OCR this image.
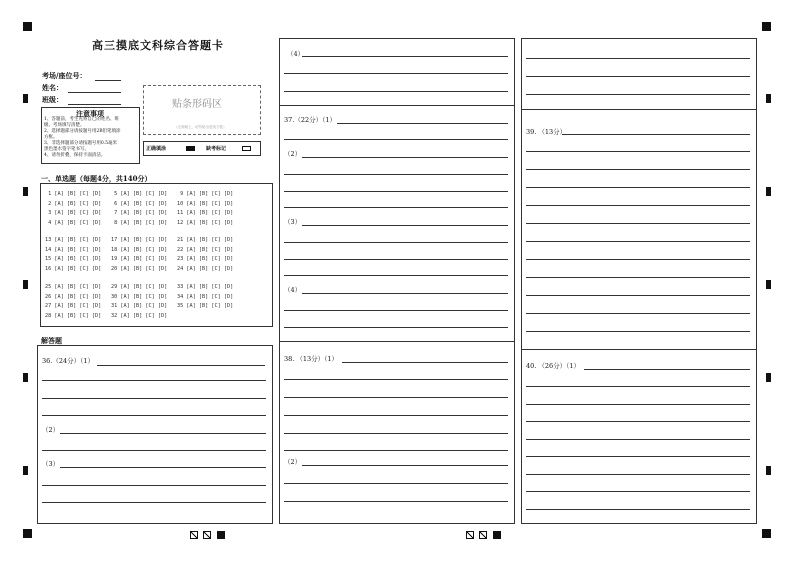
高三摸底文科综合答题卡
考场/座位号：
姓名：
班级：	贴条形码区
（正面朝上，切勿贴出虚线方框）
注意事项
1、答题前，考生先将自己的姓名、班
级、考场填写清楚。
2、选择题部分请按题号用2B铅笔填涂
方框。
3、非选择题部分请按题号用0.5毫米
黑色墨水签字笔书写。
4、请勿折叠，保持卡面清洁。
正确填涂	缺考标记
一、单选题（每题4分，共140分）
1 [A] [B] [C] [D] 5 [A] [B] [C] [D] 9 [A] [B] [C] [D]
2 [A] [B] [C] [D] 6 [A] [B] [C] [D] 10 [A] [B] [C] [D]
3 [A] [B] [C] [D] 7 [A] [B] [C] [D] 11 [A] [B] [C] [D]
4 [A] [B] [C] [D] 8 [A] [B] [C] [D] 12 [A] [B] [C] [D]
13 [A] [B] [C] [D] 17 [A] [B] [C] [D] 21 [A] [B] [C] [D]
14 [A] [B] [C] [D] 18 [A] [B] [C] [D] 22 [A] [B] [C] [D]
15 [A] [B] [C] [D] 19 [A] [B] [C] [D] 23 [A] [B] [C] [D]
16 [A] [B] [C] [D] 20 [A] [B] [C] [D] 24 [A] [B] [C] [D]
25 [A] [B] [C] [D] 29 [A] [B] [C] [D] 33 [A] [B] [C] [D]
26 [A] [B] [C] [D] 30 [A] [B] [C] [D] 34 [A] [B] [C] [D]
27 [A] [B] [C] [D] 31 [A] [B] [C] [D] 35 [A] [B] [C] [D]
28 [A] [B] [C] [D] 32 [A] [B] [C] [D]
解答题
36.（24分）（1）
（2）
（3）
（4）
37.（22分）（1）
（2）
（3）
（4）
38. （13分）（1）
（2）
39. （13分）
40. （26分）（1）
